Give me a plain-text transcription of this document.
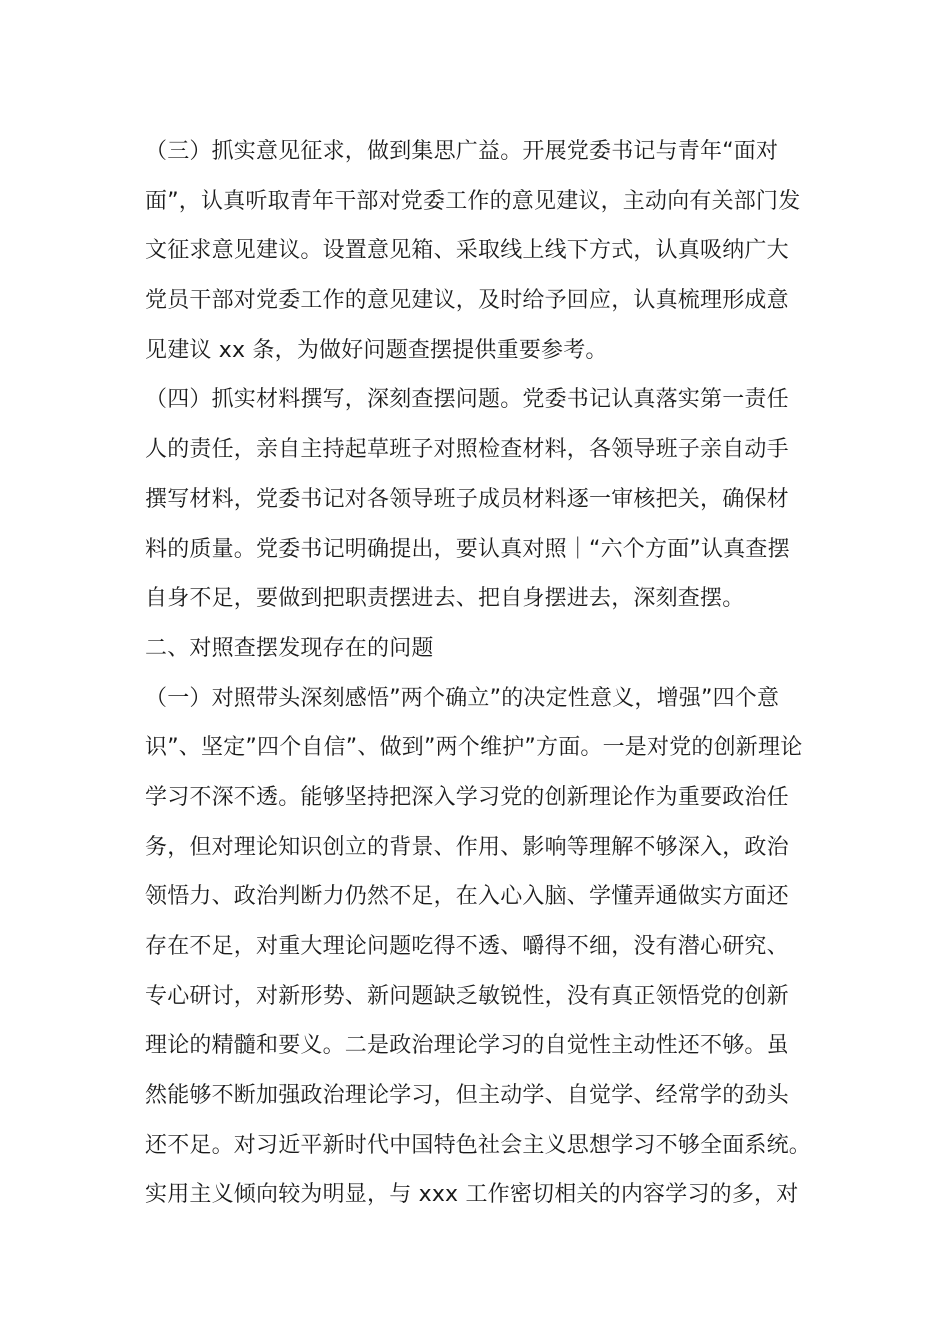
（三）抓实意见征求，做到集思广益。开展党委书记与青年“面对
面”，认真听取青年干部对党委工作的意见建议，主动向有关部门发
文征求意见建议。设置意见箱、采取线上线下方式，认真吸纳广大
党员干部对党委工作的意见建议，及时给予回应，认真梳理形成意
见建议 xx 条，为做好问题查摆提供重要参考。
（四）抓实材料撰写，深刻查摆问题。党委书记认真落实第一责任
人的责任，亲自主持起草班子对照检查材料，各领导班子亲自动手
撰写材料，党委书记对各领导班子成员材料逐一审核把关，确保材
料的质量。党委书记明确提出，要认真对照｜“六个方面”认真查摆
自身不足，要做到把职责摆进去、把自身摆进去，深刻查摆。
二、对照查摆发现存在的问题
（一）对照带头深刻感悟”两个确立”的决定性意义，增强”四个意
识”、坚定”四个自信”、做到”两个维护”方面。一是对党的创新理论
学习不深不透。能够坚持把深入学习党的创新理论作为重要政治任
务，但对理论知识创立的背景、作用、影响等理解不够深入，政治
领悟力、政治判断力仍然不足，在入心入脑、学懂弄通做实方面还
存在不足，对重大理论问题吃得不透、嚼得不细，没有潜心研究、
专心研讨，对新形势、新问题缺乏敏锐性，没有真正领悟党的创新
理论的精髓和要义。二是政治理论学习的自觉性主动性还不够。虽
然能够不断加强政治理论学习，但主动学、自觉学、经常学的劲头
还不足。对习近平新时代中国特色社会主义思想学习不够全面系统。
实用主义倾向较为明显，与 xxx 工作密切相关的内容学习的多，对
